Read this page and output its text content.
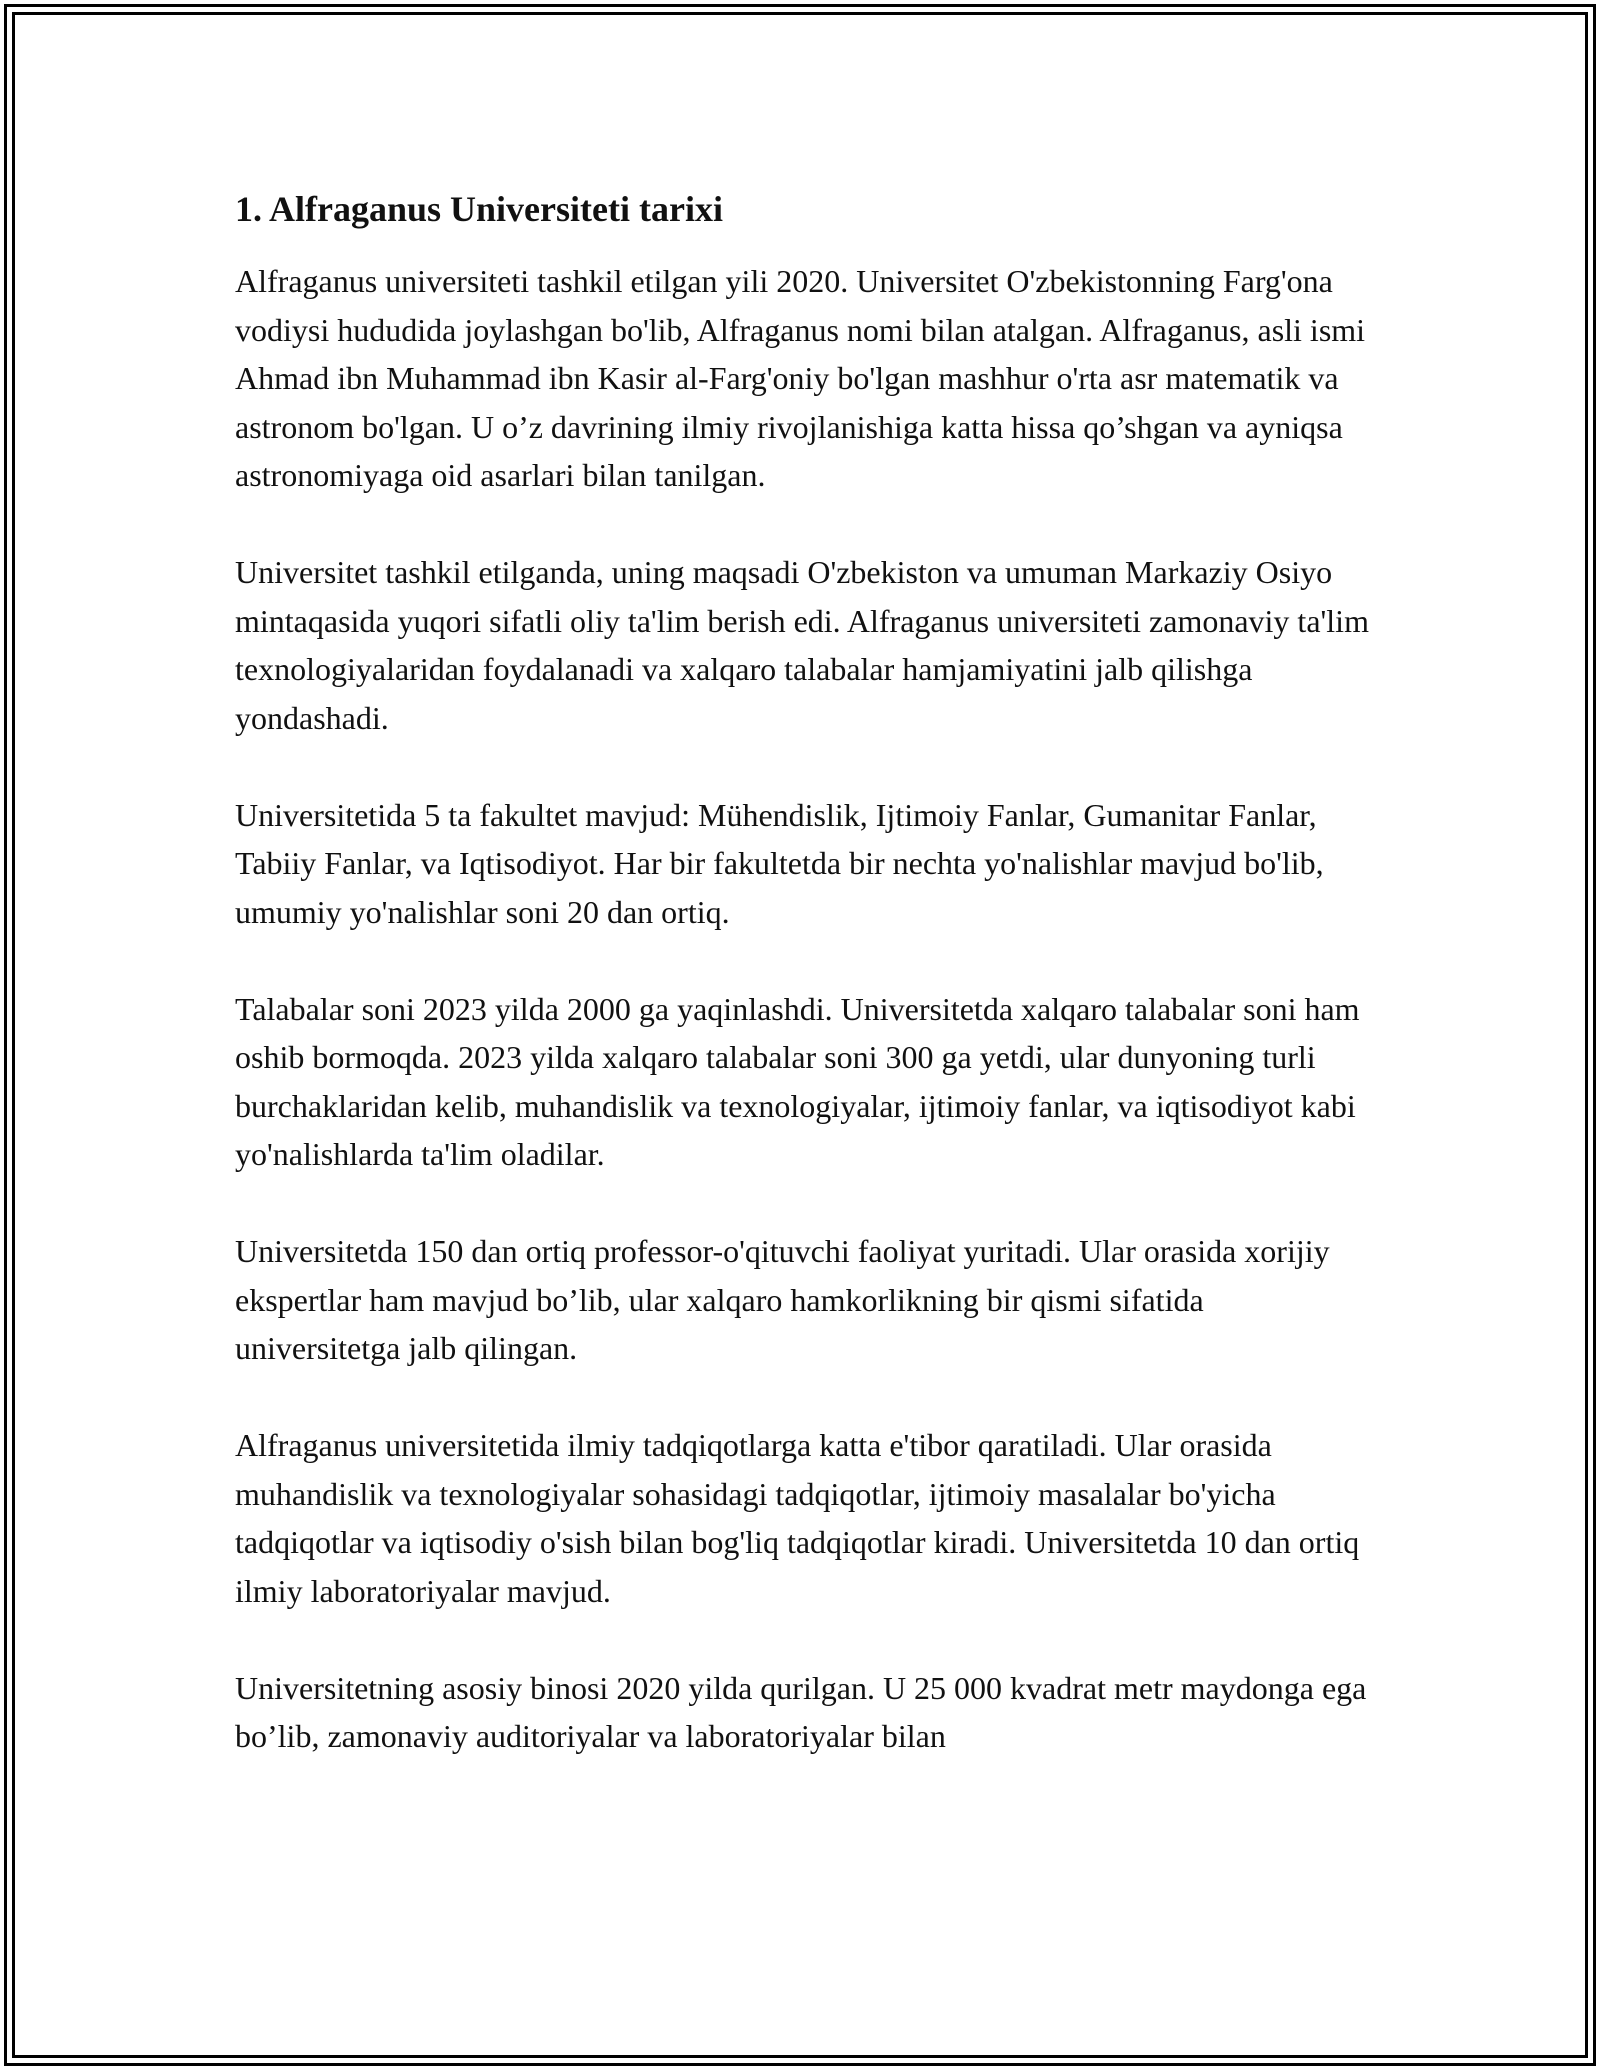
1. Alfraganus Universiteti tarixi

Alfraganus universiteti tashkil etilgan yili 2020. Universitet O'zbekistonning Farg'ona vodiysi hududida joylashgan bo'lib, Alfraganus nomi bilan atalgan. Alfraganus, asli ismi Ahmad ibn Muhammad ibn Kasir al-Farg'oniy bo'lgan mashhur o'rta asr matematik va astronom bo'lgan. U o’z davrining ilmiy rivojlanishiga katta hissa qo’shgan va ayniqsa astronomiyaga oid asarlari bilan tanilgan.

Universitet tashkil etilganda, uning maqsadi O'zbekiston va umuman Markaziy Osiyo mintaqasida yuqori sifatli oliy ta'lim berish edi. Alfraganus universiteti zamonaviy ta'lim texnologiyalaridan foydalanadi va xalqaro talabalar hamjamiyatini jalb qilishga yondashadi.

Universitetida 5 ta fakultet mavjud: Mühendislik, Ijtimoiy Fanlar, Gumanitar Fanlar, Tabiiy Fanlar, va Iqtisodiyot. Har bir fakultetda bir nechta yo'nalishlar mavjud bo'lib, umumiy yo'nalishlar soni 20 dan ortiq.

Talabalar soni 2023 yilda 2000 ga yaqinlashdi. Universitetda xalqaro talabalar soni ham oshib bormoqda. 2023 yilda xalqaro talabalar soni 300 ga yetdi, ular dunyoning turli burchaklaridan kelib, muhandislik va texnologiyalar, ijtimoiy fanlar, va iqtisodiyot kabi yo'nalishlarda ta'lim oladilar.

Universitetda 150 dan ortiq professor-o'qituvchi faoliyat yuritadi. Ular orasida xorijiy ekspertlar ham mavjud bo’lib, ular xalqaro hamkorlikning bir qismi sifatida universitetga jalb qilingan.

Alfraganus universitetida ilmiy tadqiqotlarga katta e'tibor qaratiladi. Ular orasida muhandislik va texnologiyalar sohasidagi tadqiqotlar, ijtimoiy masalalar bo'yicha tadqiqotlar va iqtisodiy o'sish bilan bog'liq tadqiqotlar kiradi. Universitetda 10 dan ortiq ilmiy laboratoriyalar mavjud.

Universitetning asosiy binosi 2020 yilda qurilgan. U 25 000 kvadrat metr maydonga ega bo’lib, zamonaviy auditoriyalar va laboratoriyalar bilan
